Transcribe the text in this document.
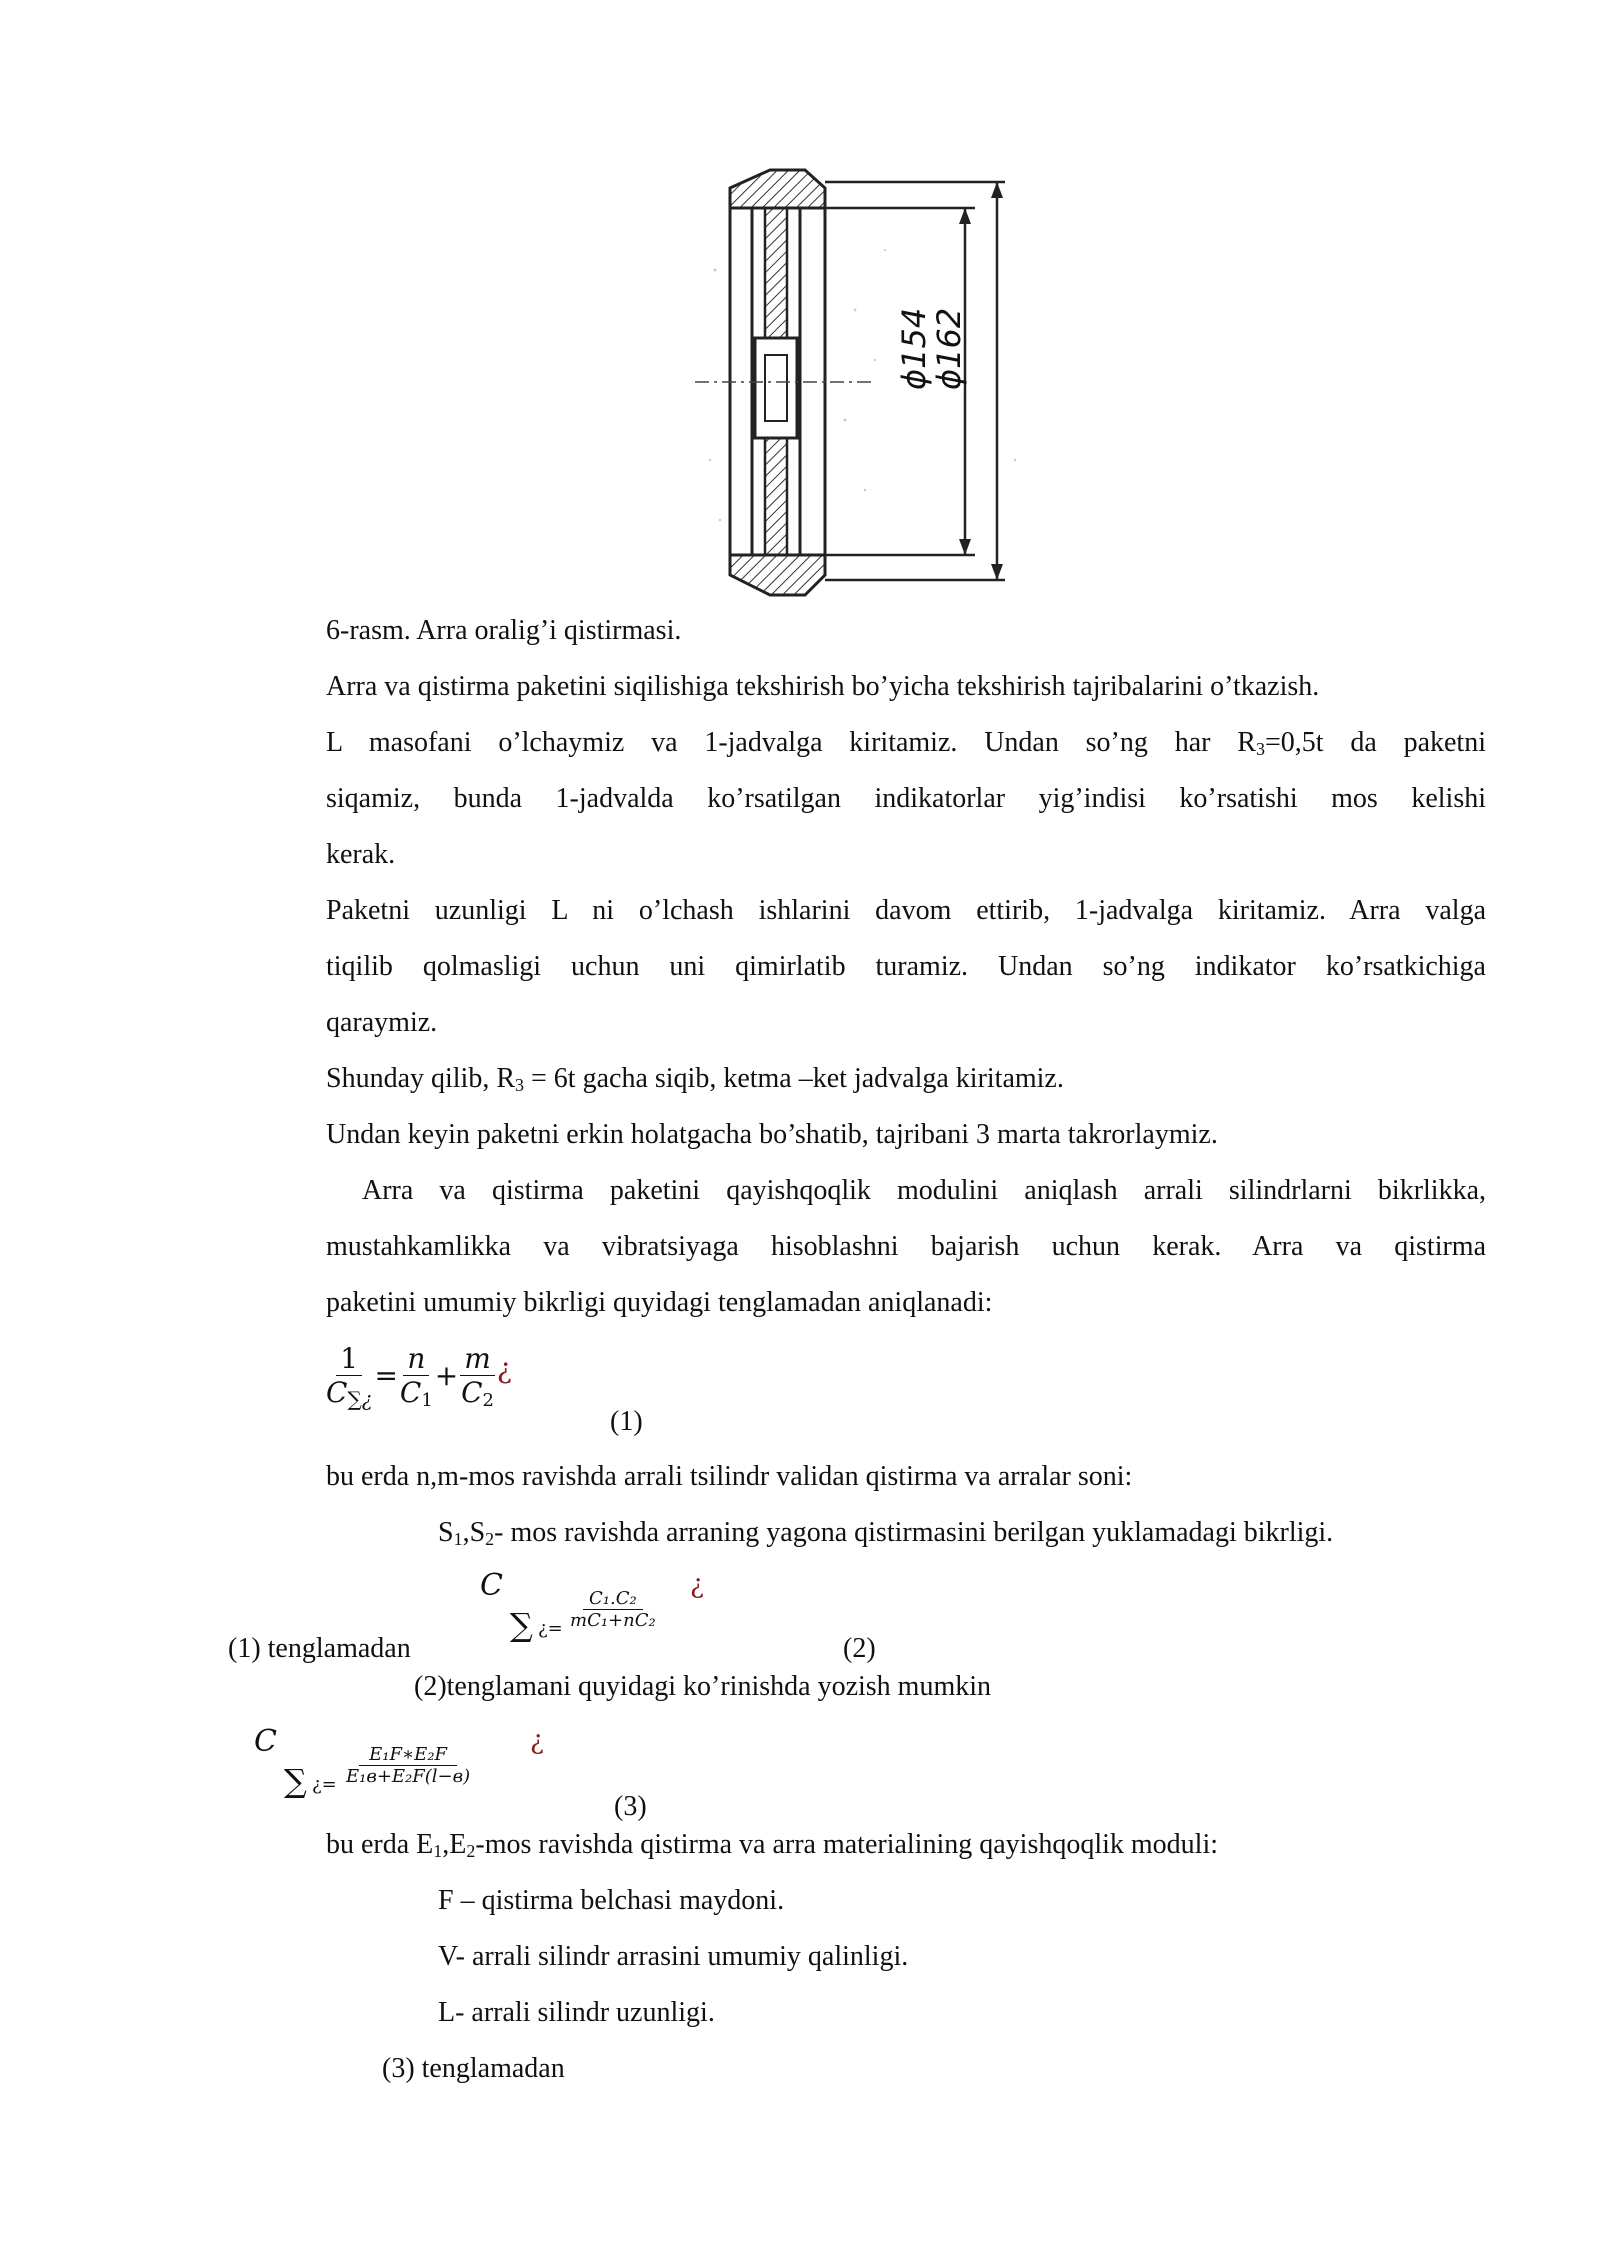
ϕ154
ϕ162
6-rasm. Arra oralig’i qistirmasi.
Arra va qistirma paketini siqilishiga tekshirish bo’yicha tekshirish tajribalarini o’tkazish.
L masofani o’lchaymiz va 1-jadvalga kiritamiz. Undan so’ng har $R_3=0,5t$ da paketni
siqamiz, bunda 1-jadvalda ko’rsatilgan indikatorlar yig’indisi ko’rsatishi mos kelishi
kerak.
Paketni uzunligi L ni o’lchash ishlarini davom ettirib, 1-jadvalga kiritamiz. Arra valga
tiqilib qolmasligi uchun uni qimirlatib turamiz. Undan so’ng indikator ko’rsatkichiga
qaraymiz.
Shunday qilib, $R_3 = 6t$ gacha siqib, ketma –ket jadvalga kiritamiz.
Undan keyin paketni erkin holatgacha bo’shatib, tajribani 3 marta takrorlaymiz.
Arra va qistirma paketini qayishqoqlik modulini aniqlash arrali silindrlarni bikrlikka,
mustahkamlikka va vibratsiyaga hisoblashni bajarish uchun kerak. Arra va qistirma
paketini umumiy bikrligi quyidagi tenglamadan aniqlanadi:
$\frac{1}{C_{\sum¿}} = \frac{n}{C_1} + \frac{m}{C_2}$ ¿
(1)
bu erda n,m-mos ravishda arrali tsilindr validan qistirma va arralar soni:
$S_1,S_2-$ mos ravishda arraning yagona qistirmasini berilgan yuklamadagi bikrligi.
C
∑ ¿= $\frac{\text{C₁.C₂}}{\text{mC₁+nC₂}}$
¿
(1) tenglamadan	(2)
(2)tenglamani quyidagi ko’rinishda yozish mumkin
C
∑ ¿=
E₁F∗E₂F
E₁в+E₂F(l−в)
¿
(3)
bu erda $E_1,E_2$-mos ravishda qistirma va arra materialining qayishqoqlik moduli:
F – qistirma belchasi maydoni.
V- arrali silindr arrasini umumiy qalinligi.
L- arrali silindr uzunligi.
(3) tenglamadan
